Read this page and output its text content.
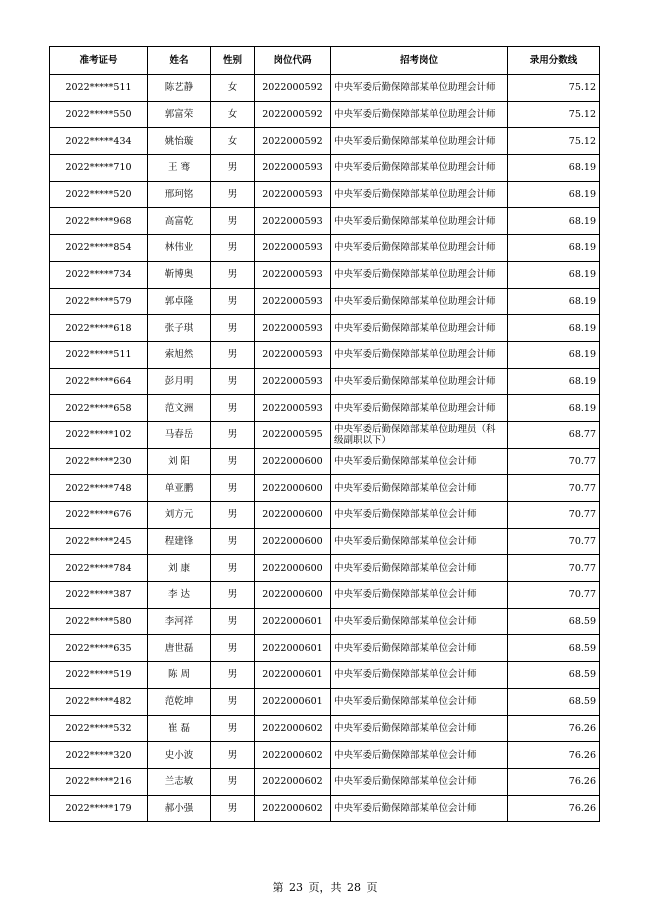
准考证号	姓名	性别	岗位代码	招考岗位	录用分数线
2022*****511	陈艺静	女	2022000592	中央军委后勤保障部某单位助理会计师	75.12
2022*****550	郭富荣	女	2022000592	中央军委后勤保障部某单位助理会计师	75.12
2022*****434	姚怡璇	女	2022000592	中央军委后勤保障部某单位助理会计师	75.12
2022*****710	王 骞	男	2022000593	中央军委后勤保障部某单位助理会计师	68.19
2022*****520	邢珂铭	男	2022000593	中央军委后勤保障部某单位助理会计师	68.19
2022*****968	高富乾	男	2022000593	中央军委后勤保障部某单位助理会计师	68.19
2022*****854	林伟业	男	2022000593	中央军委后勤保障部某单位助理会计师	68.19
2022*****734	靳博奥	男	2022000593	中央军委后勤保障部某单位助理会计师	68.19
2022*****579	郭卓隆	男	2022000593	中央军委后勤保障部某单位助理会计师	68.19
2022*****618	张子琪	男	2022000593	中央军委后勤保障部某单位助理会计师	68.19
2022*****511	索旭然	男	2022000593	中央军委后勤保障部某单位助理会计师	68.19
2022*****664	彭月明	男	2022000593	中央军委后勤保障部某单位助理会计师	68.19
2022*****658	范文洲	男	2022000593	中央军委后勤保障部某单位助理会计师	68.19
2022*****102	马春岳	男	2022000595	中央军委后勤保障部某单位助理员（科级副职以下）	68.77
2022*****230	刘 阳	男	2022000600	中央军委后勤保障部某单位会计师	70.77
2022*****748	单亚鹏	男	2022000600	中央军委后勤保障部某单位会计师	70.77
2022*****676	刘方元	男	2022000600	中央军委后勤保障部某单位会计师	70.77
2022*****245	程建锋	男	2022000600	中央军委后勤保障部某单位会计师	70.77
2022*****784	刘 康	男	2022000600	中央军委后勤保障部某单位会计师	70.77
2022*****387	李 达	男	2022000600	中央军委后勤保障部某单位会计师	70.77
2022*****580	李河祥	男	2022000601	中央军委后勤保障部某单位会计师	68.59
2022*****635	唐世磊	男	2022000601	中央军委后勤保障部某单位会计师	68.59
2022*****519	陈 周	男	2022000601	中央军委后勤保障部某单位会计师	68.59
2022*****482	范乾坤	男	2022000601	中央军委后勤保障部某单位会计师	68.59
2022*****532	崔 磊	男	2022000602	中央军委后勤保障部某单位会计师	76.26
2022*****320	史小波	男	2022000602	中央军委后勤保障部某单位会计师	76.26
2022*****216	兰志敏	男	2022000602	中央军委后勤保障部某单位会计师	76.26
2022*****179	郝小强	男	2022000602	中央军委后勤保障部某单位会计师	76.26
第 23 页，共 28 页
